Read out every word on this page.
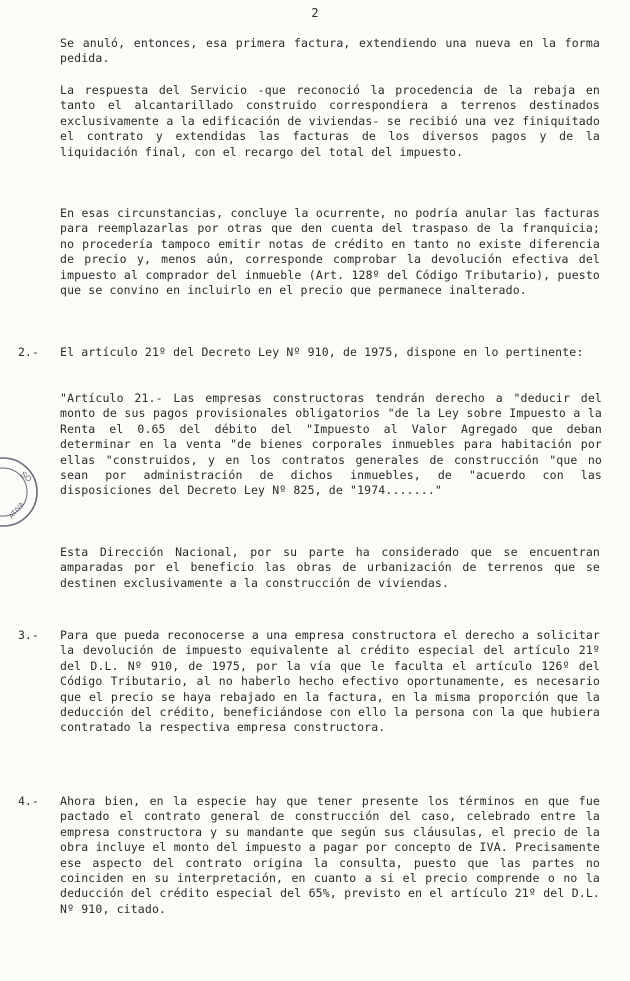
2
Se anuló, entonces, esa primera factura, extendiendo una nueva en la forma pedida.
La respuesta del Servicio -que reconoció la procedencia de la rebaja en tanto el alcantarillado construido correspondiera a terrenos destinados exclusivamente a la edificación de viviendas- se recibió una vez finiquitado el contrato y extendidas las facturas de los diversos pagos y de la liquidación final, con el recargo del total del impuesto.
En esas circunstancias, concluye la ocurrente, no podría anular las facturas para reemplazarlas por otras que den cuenta del traspaso de la franquicia; no procedería tampoco emitir notas de crédito en tanto no existe diferencia de precio y, menos aún, corresponde comprobar la devolución efectiva del impuesto al comprador del inmueble (Art. 128º del Código Tributario), puesto que se convino en incluirlo en el precio que permanece inalterado.
2.- El artículo 21º del Decreto Ley Nº 910, de 1975, dispone en lo pertinente:
"Artículo 21.- Las empresas constructoras tendrán derecho a "deducir del monto de sus pagos provisionales obligatorios "de la Ley sobre Impuesto a la Renta el 0.65 del débito del "Impuesto al Valor Agregado que deban determinar en la venta "de bienes corporales inmuebles para habitación por ellas "construidos, y en los contratos generales de construcción "que no sean por administración de dichos inmuebles, de "acuerdo con las disposiciones del Decreto Ley Nº 825, de "1974......."
Esta Dirección Nacional, por su parte ha considerado que se encuentran amparadas por el beneficio las obras de urbanización de terrenos que se destinen exclusivamente a la construcción de viviendas.
3.- Para que pueda reconocerse a una empresa constructora el derecho a solicitar la devolución de impuesto equivalente al crédito especial del artículo 21º del D.L. Nº 910, de 1975, por la vía que le faculta el artículo 126º del Código Tributario, al no haberlo hecho efectivo oportunamente, es necesario que el precio se haya rebajado en la factura, en la misma proporción que la deducción del crédito, beneficiándose con ello la persona con la que hubiera contratado la respectiva empresa constructora.
4.- Ahora bien, en la especie hay que tener presente los términos en que fue pactado el contrato general de construcción del caso, celebrado entre la empresa constructora y su mandante que según sus cláusulas, el precio de la obra incluye el monto del impuesto a pagar por concepto de IVA. Precisamente ese aspecto del contrato origina la consulta, puesto que las partes no coinciden en su interpretación, en cuanto a si el precio comprende o no la deducción del crédito especial del 65%, previsto en el artículo 21º del D.L. Nº 910, citado.
SO
ATIVA
